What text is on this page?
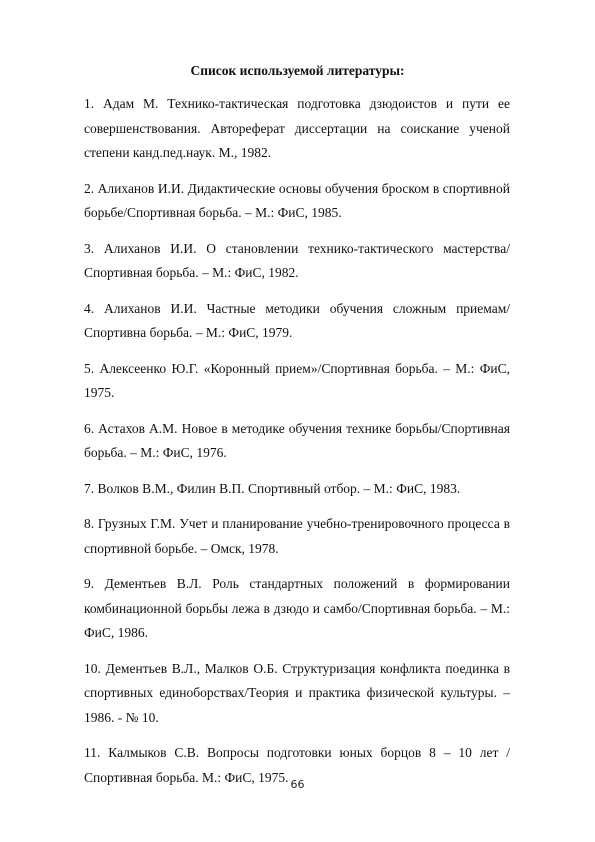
Список используемой литературы:

1. Адам М. Технико-тактическая подготовка дзюдоистов и пути ее совершенствования. Автореферат диссертации на соискание ученой степени канд.пед.наук. М., 1982.

2. Алиханов И.И. Дидактические основы обучения броском в спортивной борьбе/Спортивная борьба. – М.: ФиС, 1985.

3. Алиханов И.И. О становлении технико-тактического мастерства/Спортивная борьба. – М.: ФиС, 1982.

4. Алиханов И.И. Частные методики обучения сложным приемам/Спортивна борьба. – М.: ФиС, 1979.

5. Алексеенко Ю.Г. «Коронный прием»/Спортивная борьба. – М.: ФиС, 1975.

6. Астахов А.М. Новое в методике обучения технике борьбы/Спортивная борьба. – М.: ФиС, 1976.

7. Волков В.М., Филин В.П. Спортивный отбор. – М.: ФиС, 1983.

8. Грузных Г.М. Учет и планирование учебно-тренировочного процесса в спортивной борьбе. – Омск, 1978.

9. Дементьев В.Л. Роль стандартных положений в формировании комбинационной борьбы лежа в дзюдо и самбо/Спортивная борьба. – М.: ФиС, 1986.

10. Дементьев В.Л., Малков О.Б. Структуризация конфликта поединка в спортивных единоборствах/Теория и практика физической культуры. – 1986. - № 10.

11. Калмыков С.В. Вопросы подготовки юных борцов 8 – 10 лет / Спортивная борьба. М.: ФиС, 1975. 66
